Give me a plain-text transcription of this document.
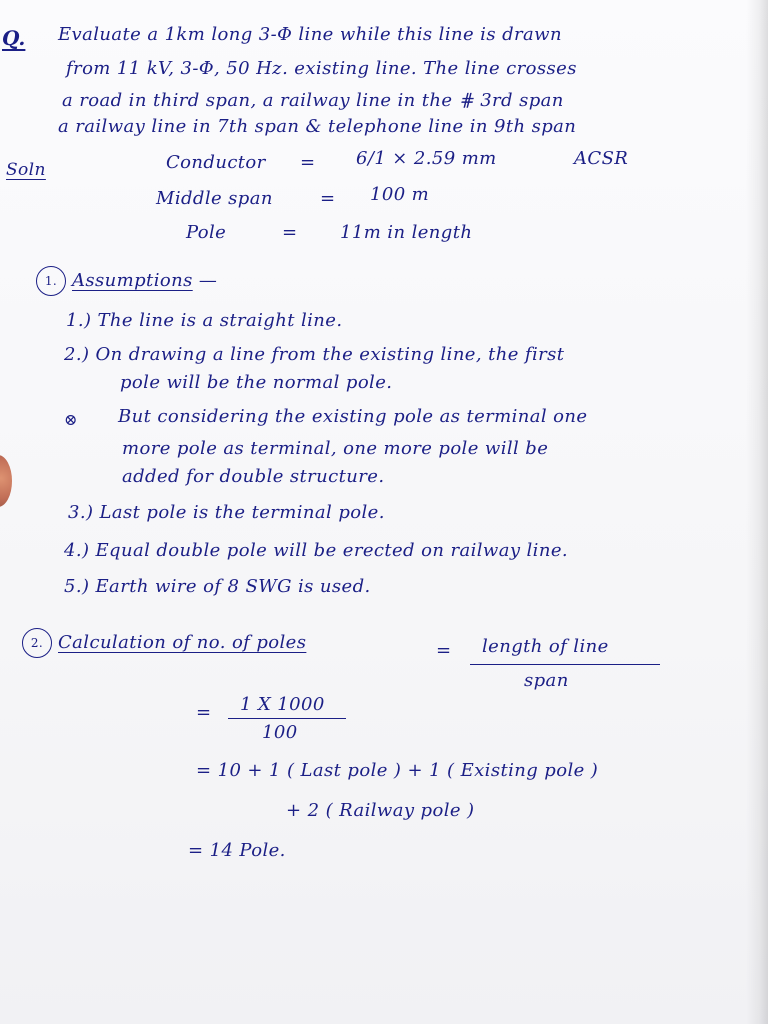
Q. Evaluate a 1km long 3-Φ line while this line is drawn
from 11 kV, 3-Φ, 50 Hz. existing line. The line crosses
a road in third span, a railway line in the ⋕ 3rd span
a railway line in 7th span & telephone line in 9th span
Soln	Conductor = 6/1 × 2.59 mm	ACSR
Middle span	= 100 m
Pole	= 11m in length
1. Assumptions —
1.) The line is a straight line.
2.) On drawing a line from the existing line, the first
pole will be the normal pole.
⊗ But considering the existing pole as terminal one
more pole as terminal, one more pole will be
added for double structure.
3.) Last pole is the terminal pole.
4.) Equal double pole will be erected on railway line.
5.) Earth wire of 8 SWG is used.
2. Calculation of no. of poles	= length of line
span
= 1 X 1000
100
= 10 + 1 ( Last pole ) + 1 ( Existing pole )
+ 2 ( Railway pole )
= 14 Pole.
